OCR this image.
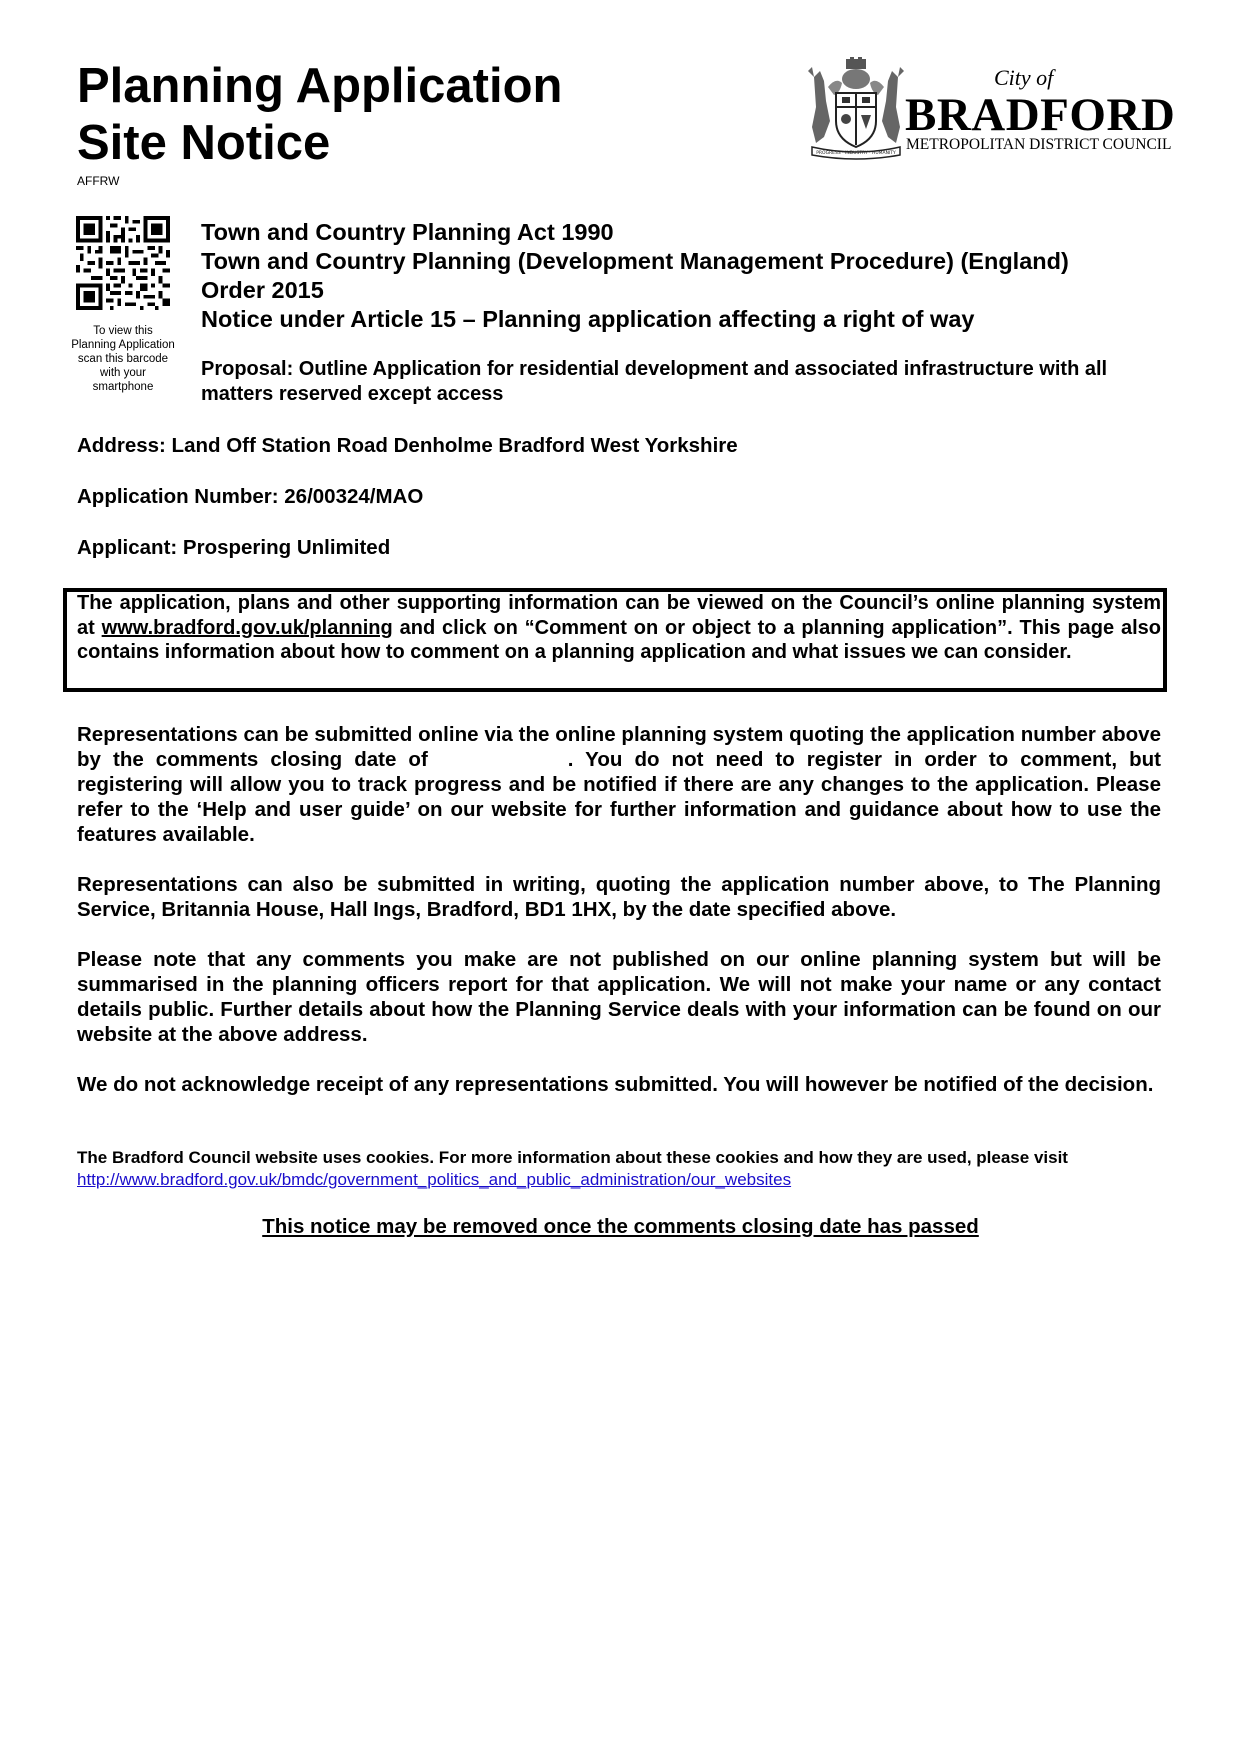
Planning Application
Site Notice
AFFRW
PROGRESS · INDUSTRY · HUMANITY
City of
BRADFORD
METROPOLITAN DISTRICT COUNCIL
To view this Planning Application scan this barcode with your smartphone
Town and Country Planning Act 1990
Town and Country Planning (Development Management Procedure) (England)
Order 2015
Notice under Article 15 – Planning application affecting a right of way
Proposal: Outline Application for residential development and associated infrastructure with all matters reserved except access
Address: Land Off Station Road Denholme Bradford West Yorkshire
Application Number: 26/00324/MAO
Applicant: Prospering Unlimited
The application, plans and other supporting information can be viewed on the Council’s online planning system at www.bradford.gov.uk/planning and click on “Comment on or object to a planning application”. This page also contains information about how to comment on a planning application and what issues we can consider.
Representations can be submitted online via the online planning system quoting the application number above by the comments closing date of	. You do not need to register in order to comment, but registering will allow you to track progress and be notified if there are any changes to the application. Please refer to the ‘Help and user guide’ on our website for further information and guidance about how to use the features available.
Representations can also be submitted in writing, quoting the application number above, to The Planning Service, Britannia House, Hall Ings, Bradford, BD1 1HX, by the date specified above.
Please note that any comments you make are not published on our online planning system but will be summarised in the planning officers report for that application. We will not make your name or any contact details public. Further details about how the Planning Service deals with your information can be found on our website at the above address.
We do not acknowledge receipt of any representations submitted. You will however be notified of the decision.
The Bradford Council website uses cookies. For more information about these cookies and how they are used, please visit http://www.bradford.gov.uk/bmdc/government_politics_and_public_administration/our_websites
This notice may be removed once the comments closing date has passed
